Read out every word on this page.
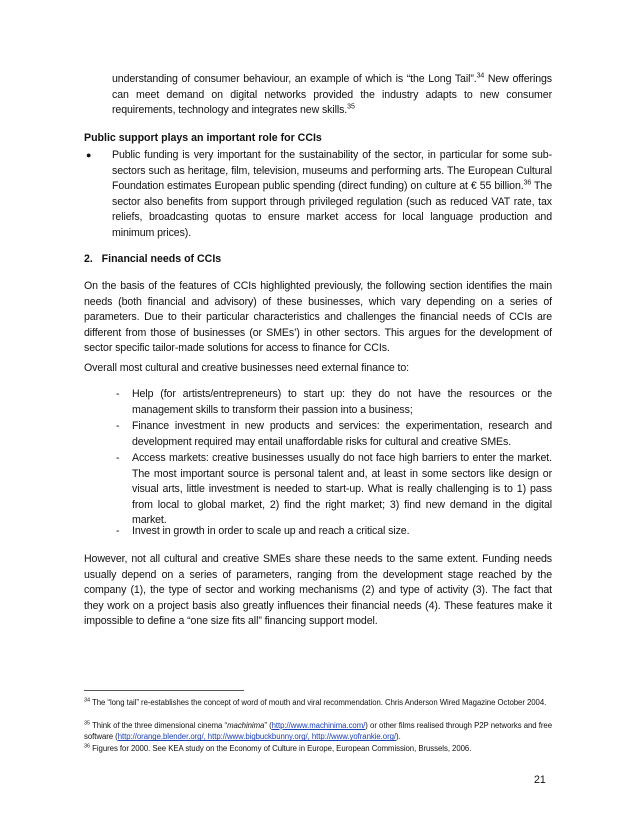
understanding of consumer behaviour, an example of which is “the Long Tail”.$^{34}$ New offerings can meet demand on digital networks provided the industry adapts to new consumer requirements, technology and integrates new skills.$^{35}$
Public support plays an important role for CCIs
● Public funding is very important for the sustainability of the sector, in particular for some sub-sectors such as heritage, film, television, museums and performing arts. The European Cultural Foundation estimates European public spending (direct funding) on culture at € 55 billion.$^{36}$ The sector also benefits from support through privileged regulation (such as reduced VAT rate, tax reliefs, broadcasting quotas to ensure market access for local language production and minimum prices).
2.   Financial needs of CCIs
On the basis of the features of CCIs highlighted previously, the following section identifies the main needs (both financial and advisory) of these businesses, which vary depending on a series of parameters. Due to their particular characteristics and challenges the financial needs of CCIs are different from those of businesses (or SMEs’) in other sectors. This argues for the development of sector specific tailor-made solutions for access to finance for CCIs.
Overall most cultural and creative businesses need external finance to:
- Help (for artists/entrepreneurs) to start up: they do not have the resources or the management skills to transform their passion into a business;
- Finance investment in new products and services: the experimentation, research and development required may entail unaffordable risks for cultural and creative SMEs.
- Access markets: creative businesses usually do not face high barriers to enter the market. The most important source is personal talent and, at least in some sectors like design or visual arts, little investment is needed to start-up. What is really challenging is to 1) pass from local to global market, 2) find the right market; 3) find new demand in the digital market.
- Invest in growth in order to scale up and reach a critical size.
However, not all cultural and creative SMEs share these needs to the same extent. Funding needs usually depend on a series of parameters, ranging from the development stage reached by the company (1), the type of sector and working mechanisms (2) and type of activity (3). The fact that they work on a project basis also greatly influences their financial needs (4). These features make it impossible to define a “one size fits all” financing support model.
$^{34}$ The “long tail” re-establishes the concept of word of mouth and viral recommendation. Chris Anderson Wired Magazine October 2004.
$^{35}$ Think of the three dimensional cinema “machinima” (http://www.machinima.com/) or other films realised through P2P networks and free software (http://orange.blender.org/, http://www.bigbuckbunny.org/, http://www.yofrankie.org/).
$^{36}$ Figures for 2000. See KEA study on the Economy of Culture in Europe, European Commission, Brussels, 2006.
21
